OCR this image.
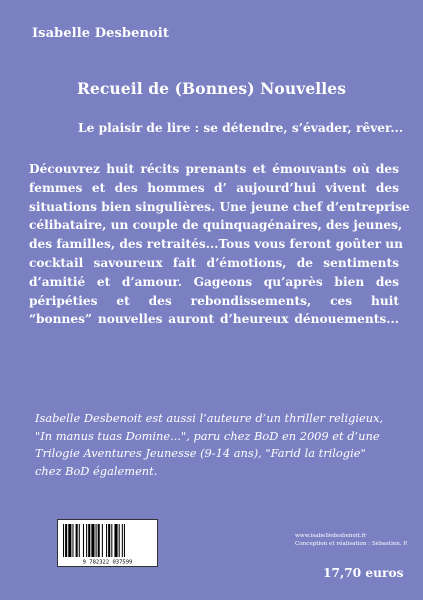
Isabelle Desbenoit
Recueil de (Bonnes) Nouvelles
Le plaisir de lire : se détendre, s’évader, rêver...
Découvrez huit récits prenants et émouvants où des
femmes et des hommes d’ aujourd’hui vivent des
situations bien singulières. Une jeune chef d’entreprise
célibataire, un couple de quinquagénaires, des jeunes,
des familles, des retraités...Tous vous feront goûter un
cocktail savoureux fait d’émotions, de sentiments
d’amitié et d’amour. Gageons qu’après bien des
péripéties et des rebondissements, ces huit
“bonnes” nouvelles auront d’heureux dénouements...
Isabelle Desbenoit est aussi l’auteure d’un thriller religieux,
"In manus tuas Domine...", paru chez BoD en 2009 et d’une
Trilogie Aventures Jeunesse (9-14 ans), "Farid la trilogie"
chez BoD également.
9 782322 037599
www.isabelledesbenoit.fr
Conception et réalisation : Sébastien. P.
17,70 euros
